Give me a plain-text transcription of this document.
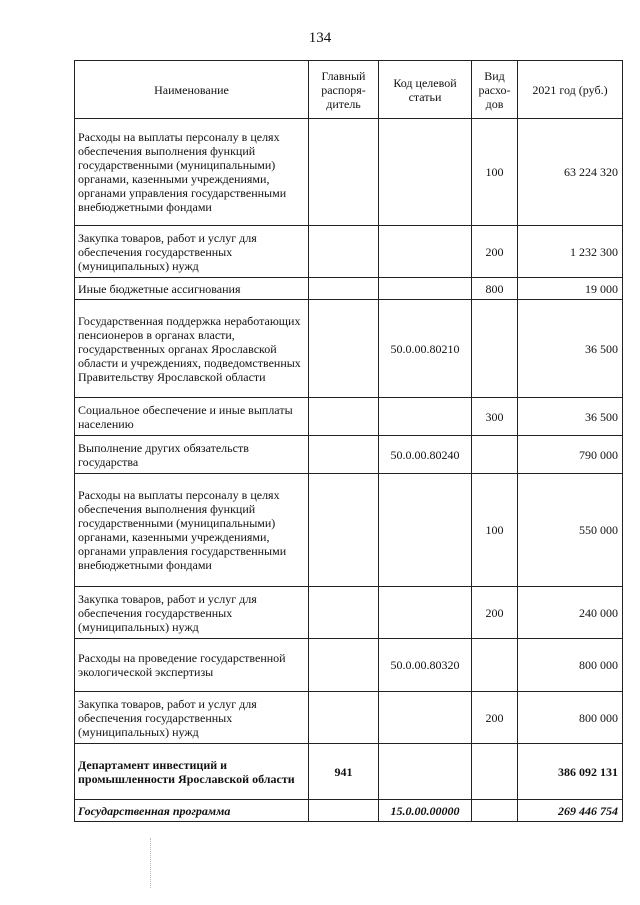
134
Наименование	Главный распоря-дитель	Код целевой статьи	Вид расхо-дов	2021 год (руб.)
Расходы на выплаты персоналу в целях обеспечения выполнения функций государственными (муниципальными) органами, казенными учреждениями, органами управления государственными внебюджетными фондами			100	63 224 320
Закупка товаров, работ и услуг для обеспечения государственных (муниципальных) нужд			200	1 232 300
Иные бюджетные ассигнования			800	19 000
Государственная поддержка неработающих пенсионеров в органах власти, государственных органах Ярославской области и учреждениях, подведомственных Правительству Ярославской области		50.0.00.80210		36 500
Социальное обеспечение и иные выплаты населению			300	36 500
Выполнение других обязательств государства		50.0.00.80240		790 000
Расходы на выплаты персоналу в целях обеспечения выполнения функций государственными (муниципальными) органами, казенными учреждениями, органами управления государственными внебюджетными фондами			100	550 000
Закупка товаров, работ и услуг для обеспечения государственных (муниципальных) нужд			200	240 000
Расходы на проведение государственной экологической экспертизы		50.0.00.80320		800 000
Закупка товаров, работ и услуг для обеспечения государственных (муниципальных) нужд			200	800 000
Департамент инвестиций и промышленности Ярославской области	941			386 092 131
Государственная программа		15.0.00.00000		269 446 754
